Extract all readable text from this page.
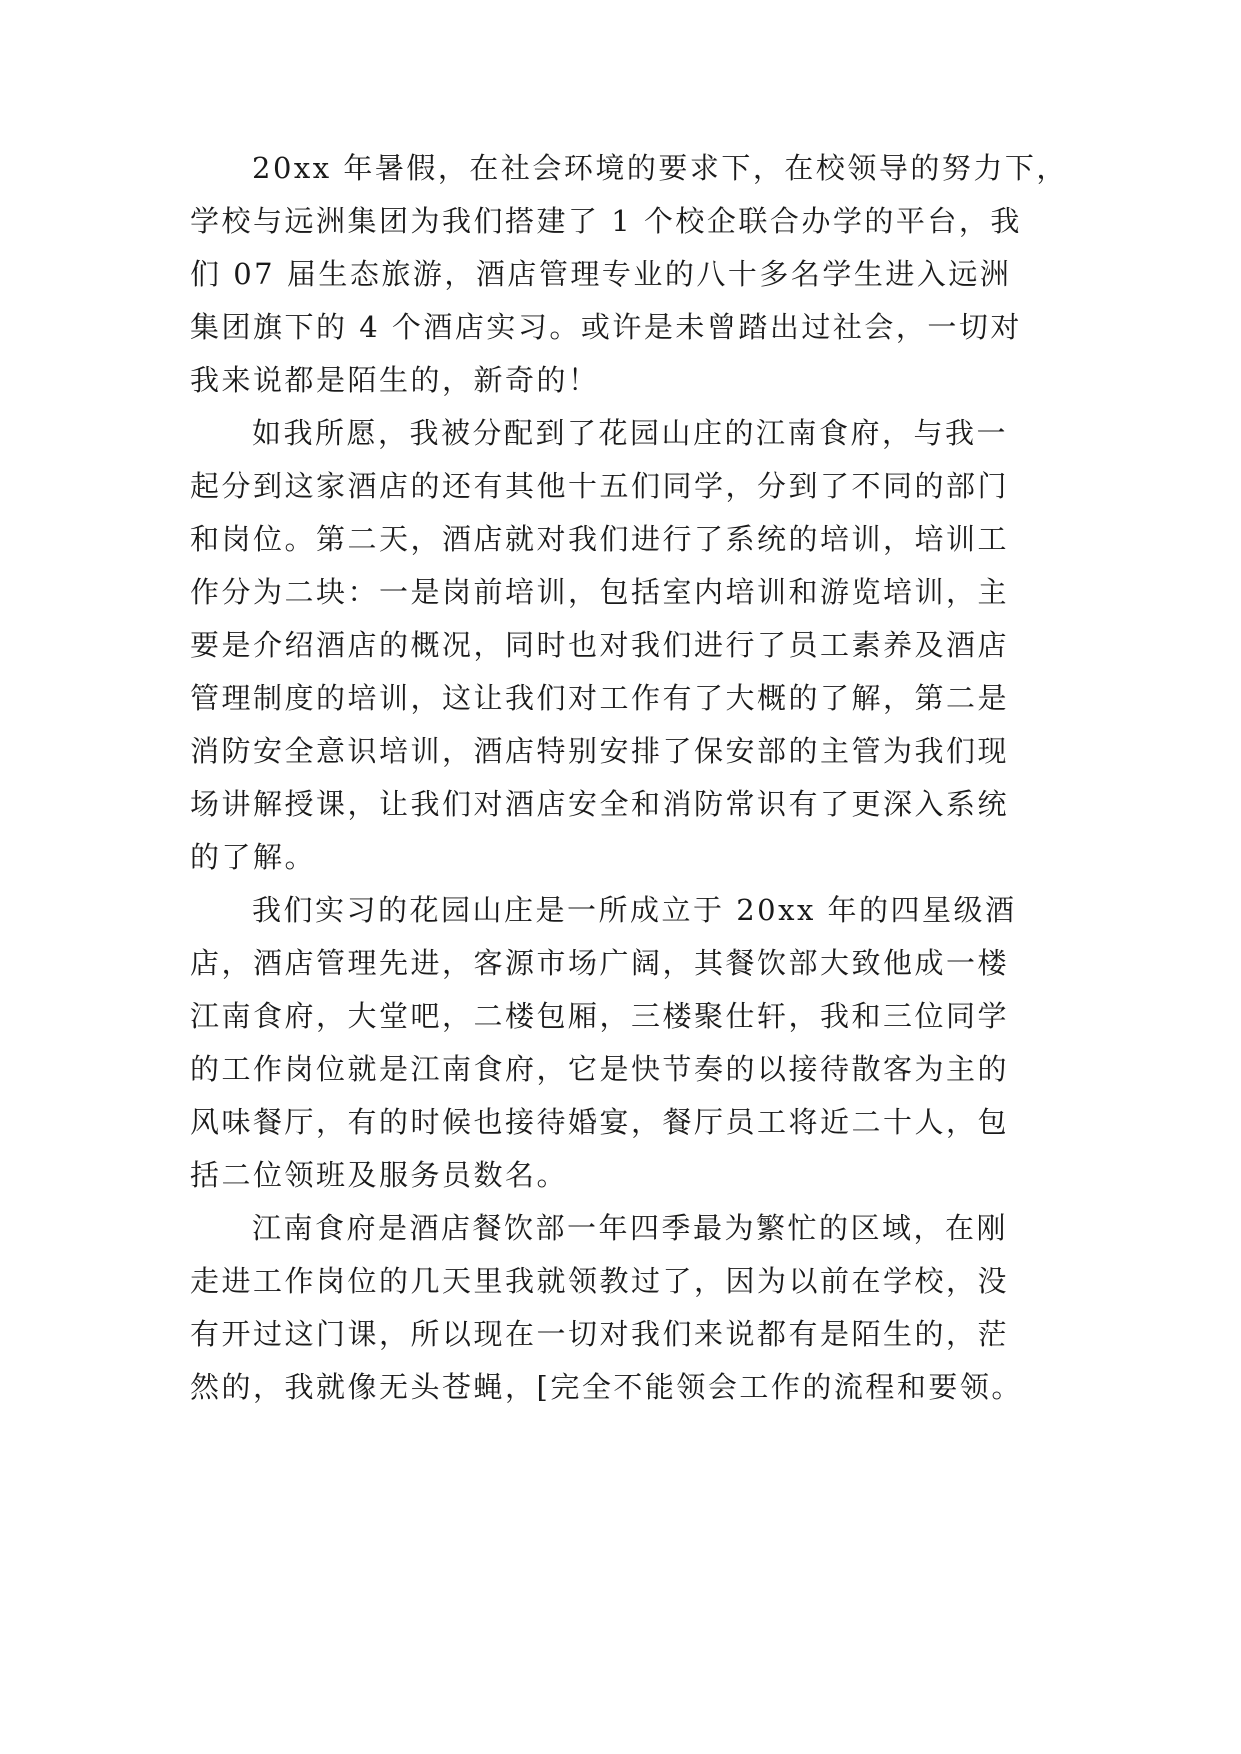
20xx 年暑假，在社会环境的要求下，在校领导的努力下，

学校与远洲集团为我们搭建了 1 个校企联合办学的平台，我

们 07 届生态旅游，酒店管理专业的八十多名学生进入远洲

集团旗下的 4 个酒店实习。或许是未曾踏出过社会，一切对

我来说都是陌生的，新奇的！

如我所愿，我被分配到了花园山庄的江南食府，与我一

起分到这家酒店的还有其他十五们同学，分到了不同的部门

和岗位。第二天，酒店就对我们进行了系统的培训，培训工

作分为二块：一是岗前培训，包括室内培训和游览培训，主

要是介绍酒店的概况，同时也对我们进行了员工素养及酒店

管理制度的培训，这让我们对工作有了大概的了解，第二是

消防安全意识培训，酒店特别安排了保安部的主管为我们现

场讲解授课，让我们对酒店安全和消防常识有了更深入系统

的了解。

我们实习的花园山庄是一所成立于 20xx 年的四星级酒

店，酒店管理先进，客源市场广阔，其餐饮部大致他成一楼

江南食府，大堂吧，二楼包厢，三楼聚仕轩，我和三位同学

的工作岗位就是江南食府，它是快节奏的以接待散客为主的

风味餐厅，有的时候也接待婚宴，餐厅员工将近二十人，包

括二位领班及服务员数名。

江南食府是酒店餐饮部一年四季最为繁忙的区域，在刚

走进工作岗位的几天里我就领教过了，因为以前在学校，没

有开过这门课，所以现在一切对我们来说都有是陌生的，茫

然的，我就像无头苍蝇，[完全不能领会工作的流程和要领。
